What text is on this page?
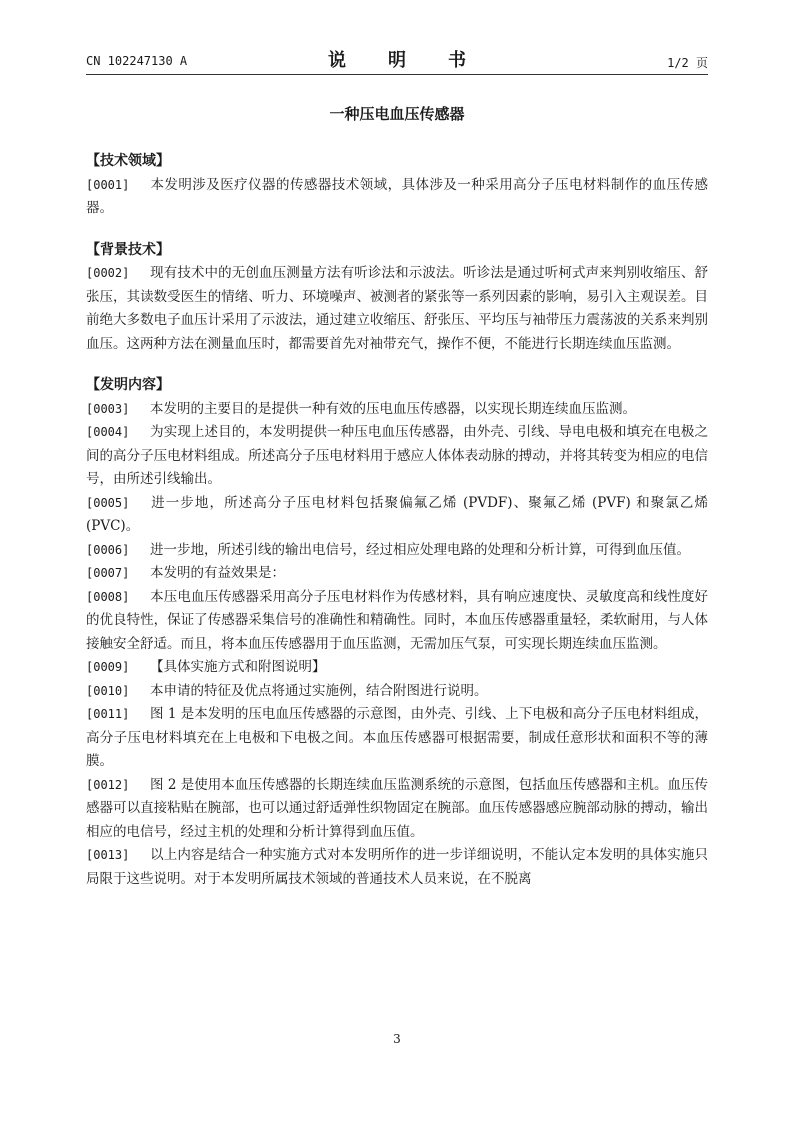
CN 102247130 A	说　明　书	1/2 页
一种压电血压传感器
【技术领域】

[0001] 本发明涉及医疗仪器的传感器技术领域，具体涉及一种采用高分子压电材料制作的血压传感器。

【背景技术】

[0002] 现有技术中的无创血压测量方法有听诊法和示波法。听诊法是通过听柯式声来判别收缩压、舒张压，其读数受医生的情绪、听力、环境噪声、被测者的紧张等一系列因素的影响，易引入主观误差。目前绝大多数电子血压计采用了示波法，通过建立收缩压、舒张压、平均压与袖带压力震荡波的关系来判别血压。这两种方法在测量血压时，都需要首先对袖带充气，操作不便，不能进行长期连续血压监测。

【发明内容】

[0003] 本发明的主要目的是提供一种有效的压电血压传感器，以实现长期连续血压监测。

[0004] 为实现上述目的，本发明提供一种压电血压传感器，由外壳、引线、导电电极和填充在电极之间的高分子压电材料组成。所述高分子压电材料用于感应人体体表动脉的搏动，并将其转变为相应的电信号，由所述引线输出。

[0005] 进一步地，所述高分子压电材料包括聚偏氟乙烯 (PVDF)、聚氟乙烯 (PVF) 和聚氯乙烯 (PVC)。

[0006] 进一步地，所述引线的输出电信号，经过相应处理电路的处理和分析计算，可得到血压值。

[0007] 本发明的有益效果是：

[0008] 本压电血压传感器采用高分子压电材料作为传感材料，具有响应速度快、灵敏度高和线性度好的优良特性，保证了传感器采集信号的准确性和精确性。同时，本血压传感器重量轻，柔软耐用，与人体接触安全舒适。而且，将本血压传感器用于血压监测，无需加压气泵，可实现长期连续血压监测。

[0009] 【具体实施方式和附图说明】

[0010] 本申请的特征及优点将通过实施例，结合附图进行说明。

[0011] 图 1 是本发明的压电血压传感器的示意图，由外壳、引线、上下电极和高分子压电材料组成，高分子压电材料填充在上电极和下电极之间。本血压传感器可根据需要，制成任意形状和面积不等的薄膜。

[0012] 图 2 是使用本血压传感器的长期连续血压监测系统的示意图，包括血压传感器和主机。血压传感器可以直接粘贴在腕部，也可以通过舒适弹性织物固定在腕部。血压传感器感应腕部动脉的搏动，输出相应的电信号，经过主机的处理和分析计算得到血压值。

[0013] 以上内容是结合一种实施方式对本发明所作的进一步详细说明，不能认定本发明的具体实施只局限于这些说明。对于本发明所属技术领域的普通技术人员来说，在不脱离

3
